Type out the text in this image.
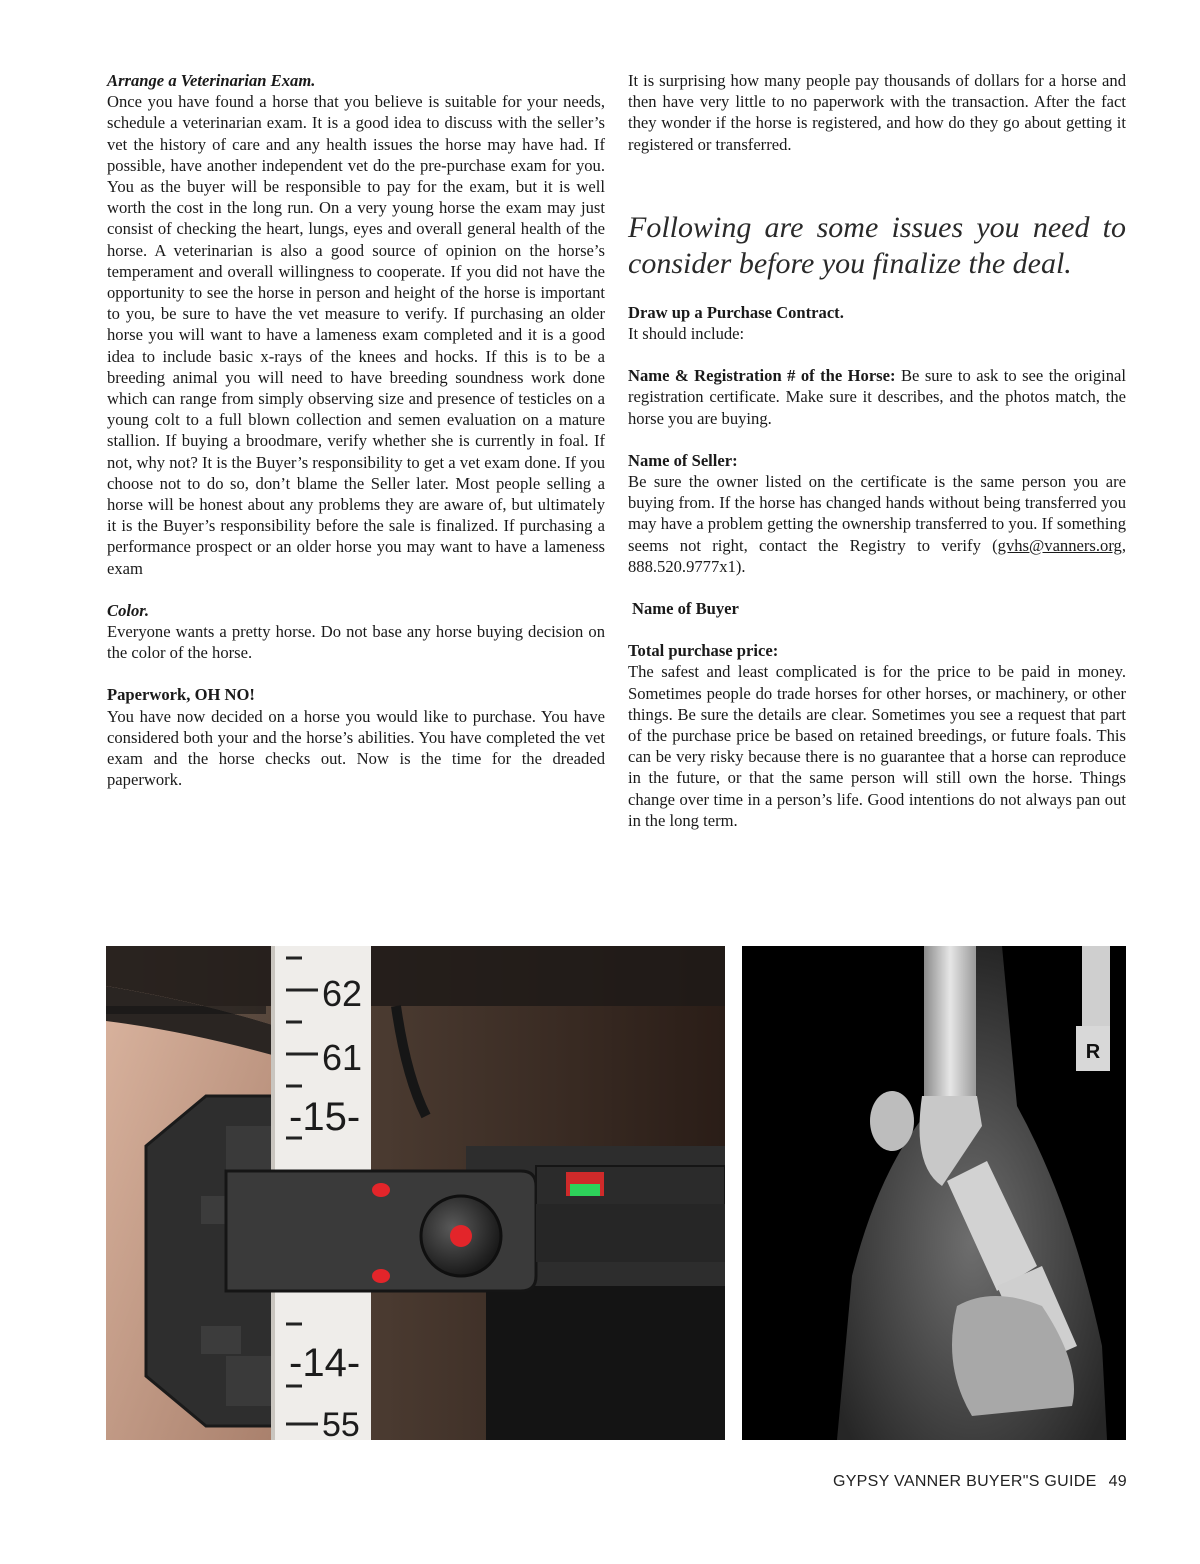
Arrange a Veterinarian Exam.

Once you have found a horse that you believe is suitable for your needs, schedule a veterinarian exam. It is a good idea to discuss with the seller’s vet the history of care and any health issues the horse may have had. If possible, have another independent vet do the pre-purchase exam for you. You as the buyer will be responsible to pay for the exam, but it is well worth the cost in the long run. On a very young horse the exam may just consist of checking the heart, lungs, eyes and overall general health of the horse. A veterinarian is also a good source of opinion on the horse’s temperament and overall willingness to cooperate. If you did not have the opportunity to see the horse in person and height of the horse is important to you, be sure to have the vet measure to verify. If purchasing an older horse you will want to have a lameness exam completed and it is a good idea to include basic x-rays of the knees and hocks. If this is to be a breeding animal you will need to have breeding soundness work done which can range from simply observing size and presence of testicles on a young colt to a full blown collection and semen evaluation on a mature stallion. If buying a broodmare, verify whether she is currently in foal. If not, why not? It is the Buyer’s responsibility to get a vet exam done. If you choose not to do so, don’t blame the Seller later. Most people selling a horse will be honest about any problems they are aware of, but ultimately it is the Buyer’s responsibility before the sale is finalized. If purchasing a performance prospect or an older horse you may want to have a lameness exam

Color.

Everyone wants a pretty horse. Do not base any horse buying decision on the color of the horse.

Paperwork, OH NO!

You have now decided on a horse you would like to purchase. You have considered both your and the horse’s abilities. You have completed the vet exam and the horse checks out. Now is the time for the dreaded paperwork.

It is surprising how many people pay thousands of dollars for a horse and then have very little to no paperwork with the transaction. After the fact they wonder if the horse is registered, and how do they go about getting it registered or transferred.

Following are some issues you need to consider before you finalize the deal.
Draw up a Purchase Contract.

It should include:

Name & Registration # of the Horse: Be sure to ask to see the original registration certificate. Make sure it describes, and the photos match, the horse you are buying.

Name of Seller:

Be sure the owner listed on the certificate is the same person you are buying from. If the horse has changed hands without being transferred you may have a problem getting the ownership transferred to you. If something seems not right, contact the Registry to verify (gvhs@vanners.org, 888.520.9777x1).

Name of Buyer
Total purchase price:

The safest and least complicated is for the price to be paid in money. Sometimes people do trade horses for other horses, or machinery, or other things. Be sure the details are clear. Sometimes you see a request that part of the purchase price be based on retained breedings, or future foals. This can be very risky because there is no guarantee that a horse can reproduce in the future, or that the same person will still own the horse. Things change over time in a person’s life. Good intentions do not always pan out in the long term.

62
61
-15-
-14-
55
R
GYPSY VANNER BUYER"S GUIDE 49
